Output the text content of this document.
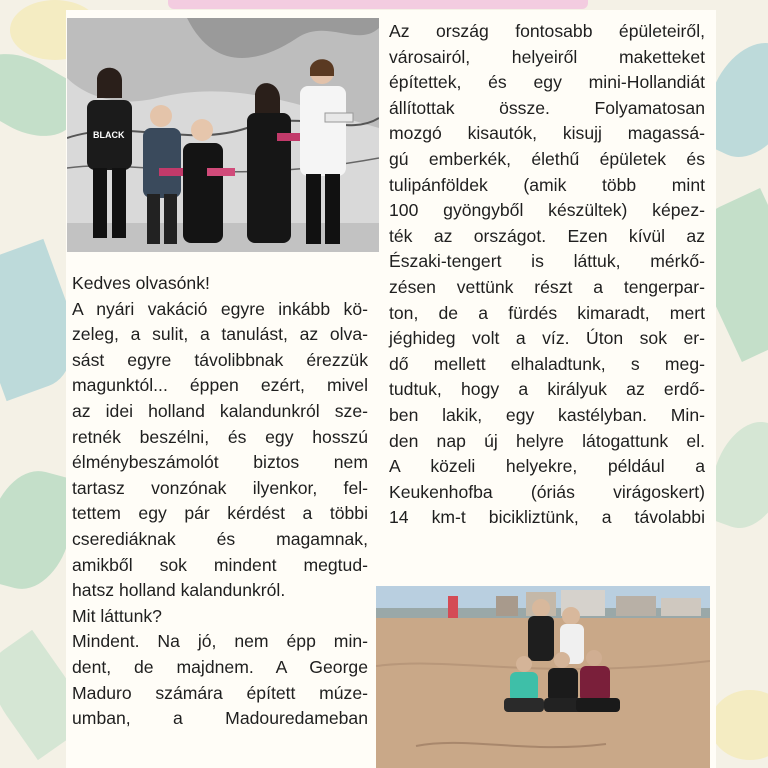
BLACK

Kedves olvasónk!

A nyári vakáció egyre inkább kö-

zeleg, a sulit, a tanulást, az olva-

sást egyre távolibbnak érezzük

magunktól... éppen ezért, mivel

az idei holland kalandunkról sze-

retnék beszélni, és egy hosszú

élménybeszámolót biztos nem

tartasz vonzónak ilyenkor, fel-

tettem egy pár kérdést a többi

cserediáknak és magamnak,

amikből sok mindent megtud-

hatsz holland kalandunkról.

Mit láttunk?

Mindent. Na jó, nem épp min-

dent, de majdnem. A George

Maduro számára épített múze-

umban, a Madouredameban

Az ország fontosabb épületeiről,

városairól, helyeiről maketteket

építettek, és egy mini-Hollandiát

állítottak össze. Folyamatosan

mozgó kisautók, kisujj magassá-

gú emberkék, élethű épületek és

tulipánföldek (amik több mint

100 gyöngyből készültek) képez-

ték az országot. Ezen kívül az

Északi-tengert is láttuk, mérkő-

zésen vettünk részt a tengerpar-

ton, de a fürdés kimaradt, mert

jéghideg volt a víz. Úton sok er-

dő mellett elhaladtunk, s meg-

tudtuk, hogy a királyuk az erdő-

ben lakik, egy kastélyban. Min-

den nap új helyre látogattunk el.

A közeli helyekre, például a

Keukenhofba (óriás virágoskert)

14 km-t bicikliztünk, a távolabbi
